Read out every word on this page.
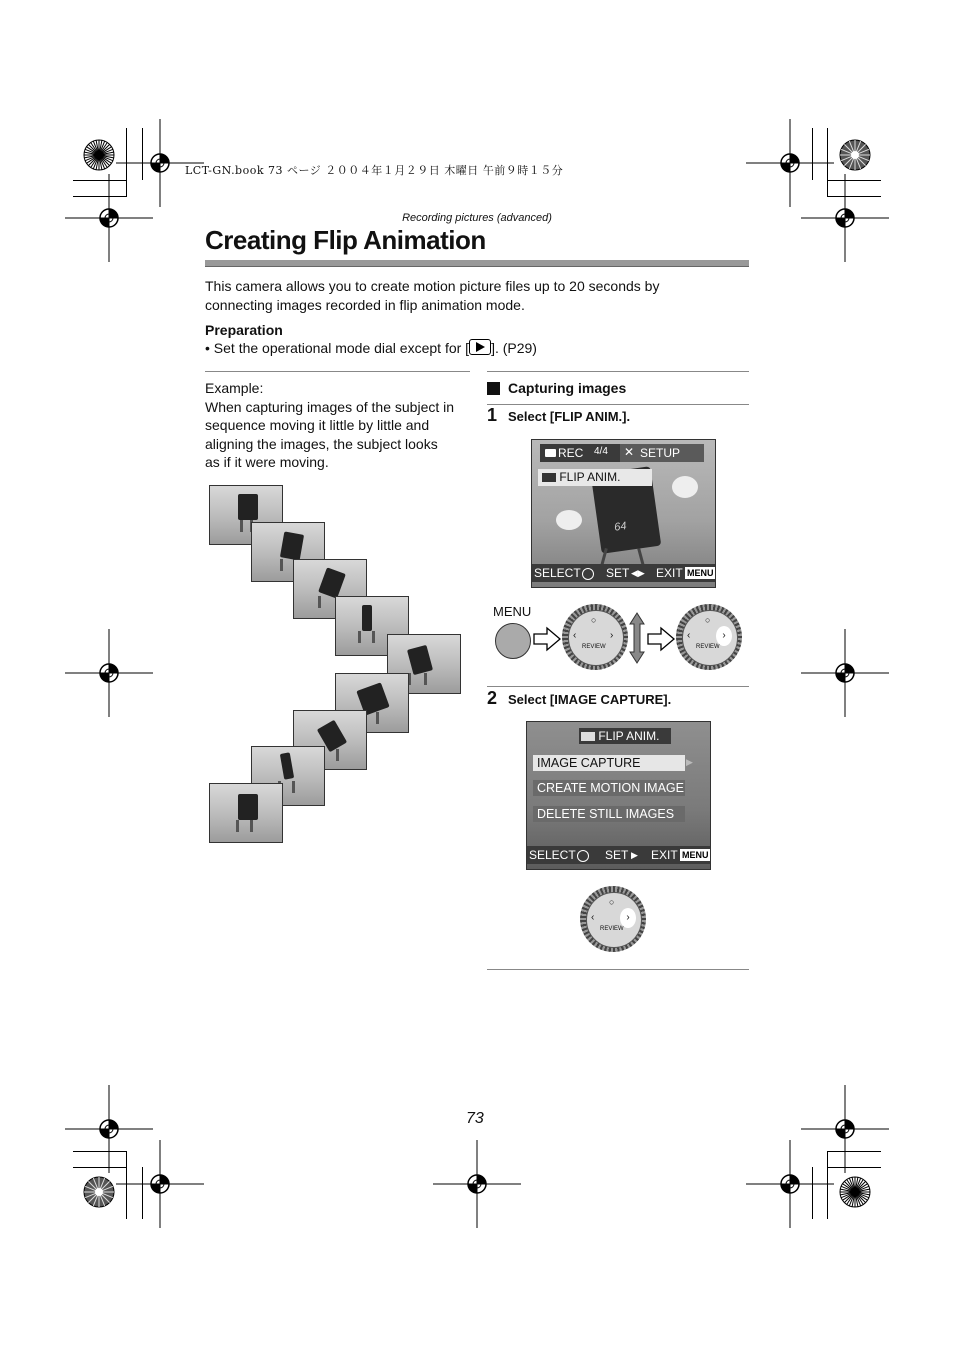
LCT-GN.book 73 ページ ２００４年１月２９日 木曜日 午前９時１５分
Recording pictures (advanced)
Creating Flip Animation
This camera allows you to create motion picture files up to 20 seconds by
connecting images recorded in flip animation mode.
Preparation
• Set the operational mode dial except for [ ]. (P29)
Example:
When capturing images of the subject in
sequence moving it little by little and
aligning the images, the subject looks
as if it were moving.
Capturing images
1 Select [FLIP ANIM.].
64
REC 4/4 ✕ SETUP
FLIP ANIM.
SELECT SET ◀▶ EXIT MENU
MENU
REVIEW
‹	›
○
REVIEW
‹	›
○
2 Select [IMAGE CAPTURE].
FLIP ANIM.
IMAGE CAPTURE	▶
CREATE MOTION IMAGE
DELETE STILL IMAGES
SELECT SET ▶ EXIT MENU
REVIEW
‹	›
○
73
